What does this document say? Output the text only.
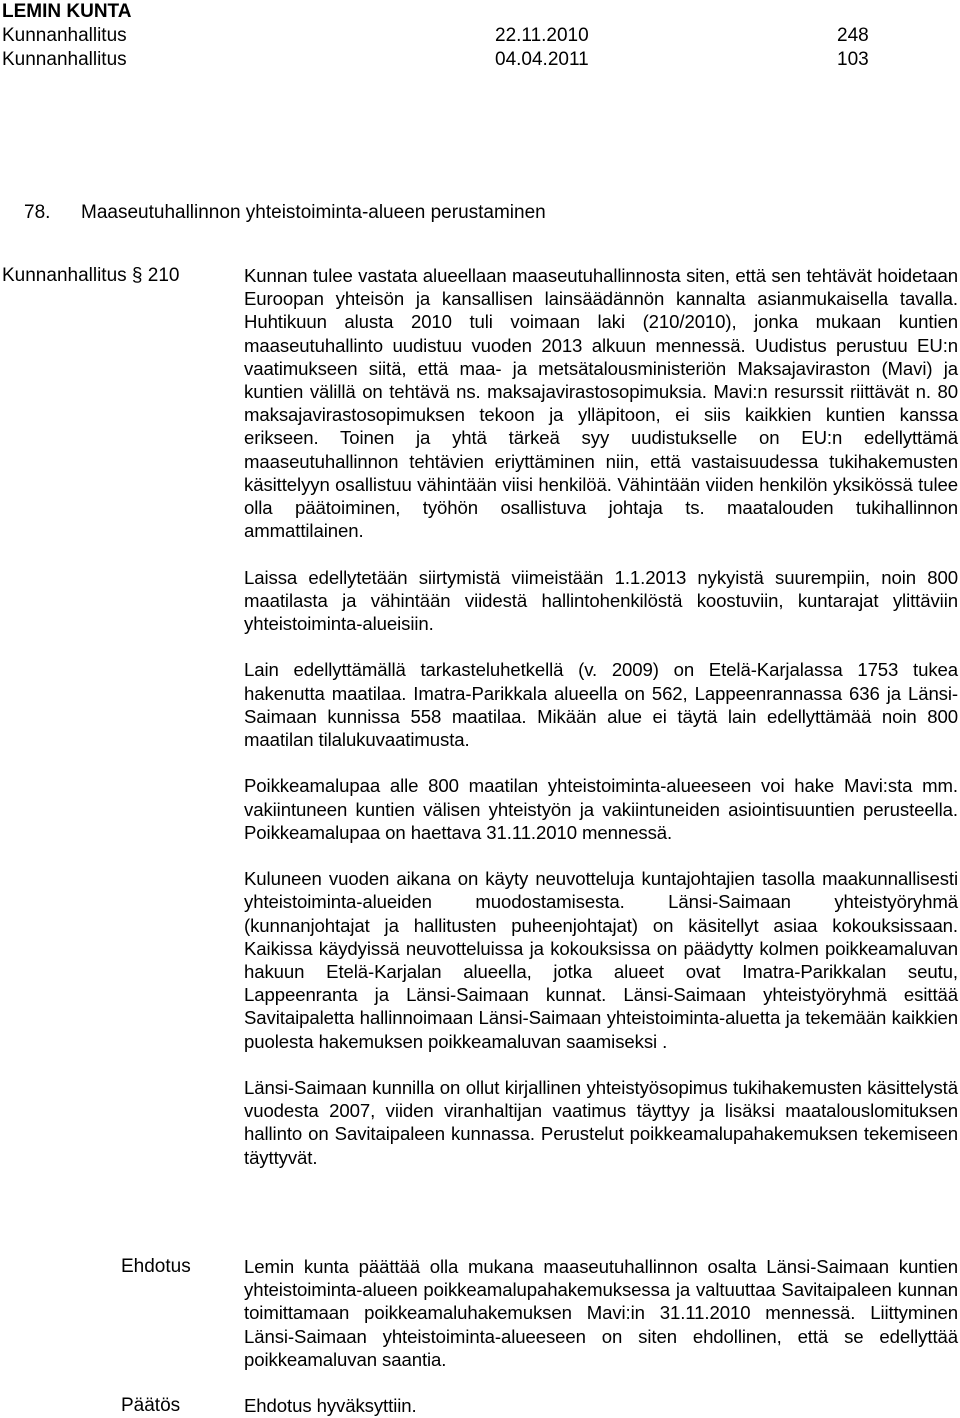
LEMIN KUNTA
Kunnanhallitus	22.11.2010	248
Kunnanhallitus	04.04.2011	103
78. Maaseutuhallinnon yhteistoiminta-alueen perustaminen
Kunnanhallitus § 210	Kunnan tulee vastata alueellaan maaseutuhallinnosta siten, että sen tehtävät hoidetaan Euroopan yhteisön ja kansallisen lainsäädännön kannalta asianmukaisella tavalla. Huhtikuun alusta 2010 tuli voimaan laki (210/2010), jonka mukaan kuntien maaseutuhallinto uudistuu vuoden 2013 alkuun mennessä. Uudistus perustuu EU:n vaatimukseen siitä, että maa- ja metsätalousministeriön Maksajaviraston (Mavi) ja kuntien välillä on tehtävä ns. maksajavirastosopimuksia. Mavi:n resurssit riittävät n. 80 maksajavirastosopimuksen tekoon ja ylläpitoon, ei siis kaikkien kuntien kanssa erikseen. Toinen ja yhtä tärkeä syy uudistukselle on EU:n edellyttämä maaseutuhallinnon tehtävien eriyttäminen niin, että vastaisuudessa tukihakemusten käsittelyyn osallistuu vähintään viisi henkilöä. Vähintään viiden henkilön yksikössä tulee olla päätoiminen, työhön osallistuva johtaja ts. maatalouden tukihallinnon ammattilainen.

Laissa edellytetään siirtymistä viimeistään 1.1.2013 nykyistä suurempiin, noin 800 maatilasta ja vähintään viidestä hallintohenkilöstä koostuviin, kuntarajat ylittäviin yhteistoiminta-alueisiin.

Lain edellyttämällä tarkasteluhetkellä (v. 2009) on Etelä-Karjalassa 1753 tukea hakenutta maatilaa. Imatra-Parikkala alueella on 562, Lappeenrannassa 636 ja Länsi-Saimaan kunnissa 558 maatilaa. Mikään alue ei täytä lain edellyttämää noin 800 maatilan tilalukuvaatimusta.

Poikkeamalupaa alle 800 maatilan yhteistoiminta-alueeseen voi hake Mavi:sta mm. vakiintuneen kuntien välisen yhteistyön ja vakiintuneiden asiointisuuntien perusteella. Poikkeamalupaa on haettava 31.11.2010 mennessä.

Kuluneen vuoden aikana on käyty neuvotteluja kuntajohtajien tasolla maakunnallisesti yhteistoiminta-alueiden muodostamisesta. Länsi-Saimaan yhteistyöryhmä (kunnanjohtajat ja hallitusten puheenjohtajat) on käsitellyt asiaa kokouksissaan. Kaikissa käydyissä neuvotteluissa ja kokouksissa on päädytty kolmen poikkeamaluvan hakuun Etelä-Karjalan alueella, jotka alueet ovat Imatra-Parikkalan seutu, Lappeenranta ja Länsi-Saimaan kunnat. Länsi-Saimaan yhteistyöryhmä esittää Savitaipaletta hallinnoimaan Länsi-Saimaan yhteistoiminta-aluetta ja tekemään kaikkien puolesta hakemuksen poikkeamaluvan saamiseksi .

Länsi-Saimaan kunnilla on ollut kirjallinen yhteistyösopimus tukihakemusten käsittelystä vuodesta 2007, viiden viranhaltijan vaatimus täyttyy ja lisäksi maatalouslomituksen hallinto on Savitaipaleen kunnassa. Perustelut poikkeamalupahakemuksen tekemiseen täyttyvät.

Ehdotus	Lemin kunta päättää olla mukana maaseutuhallinnon osalta Länsi-Saimaan kuntien yhteistoiminta-alueen poikkeamalupahakemuksessa ja valtuuttaa Savitaipaleen kunnan toimittamaan poikkeamaluhakemuksen Mavi:in 31.11.2010 mennessä. Liittyminen Länsi-Saimaan yhteistoiminta-alueeseen on siten ehdollinen, että se edellyttää poikkeamaluvan saantia.

Päätös	Ehdotus hyväksyttiin.
